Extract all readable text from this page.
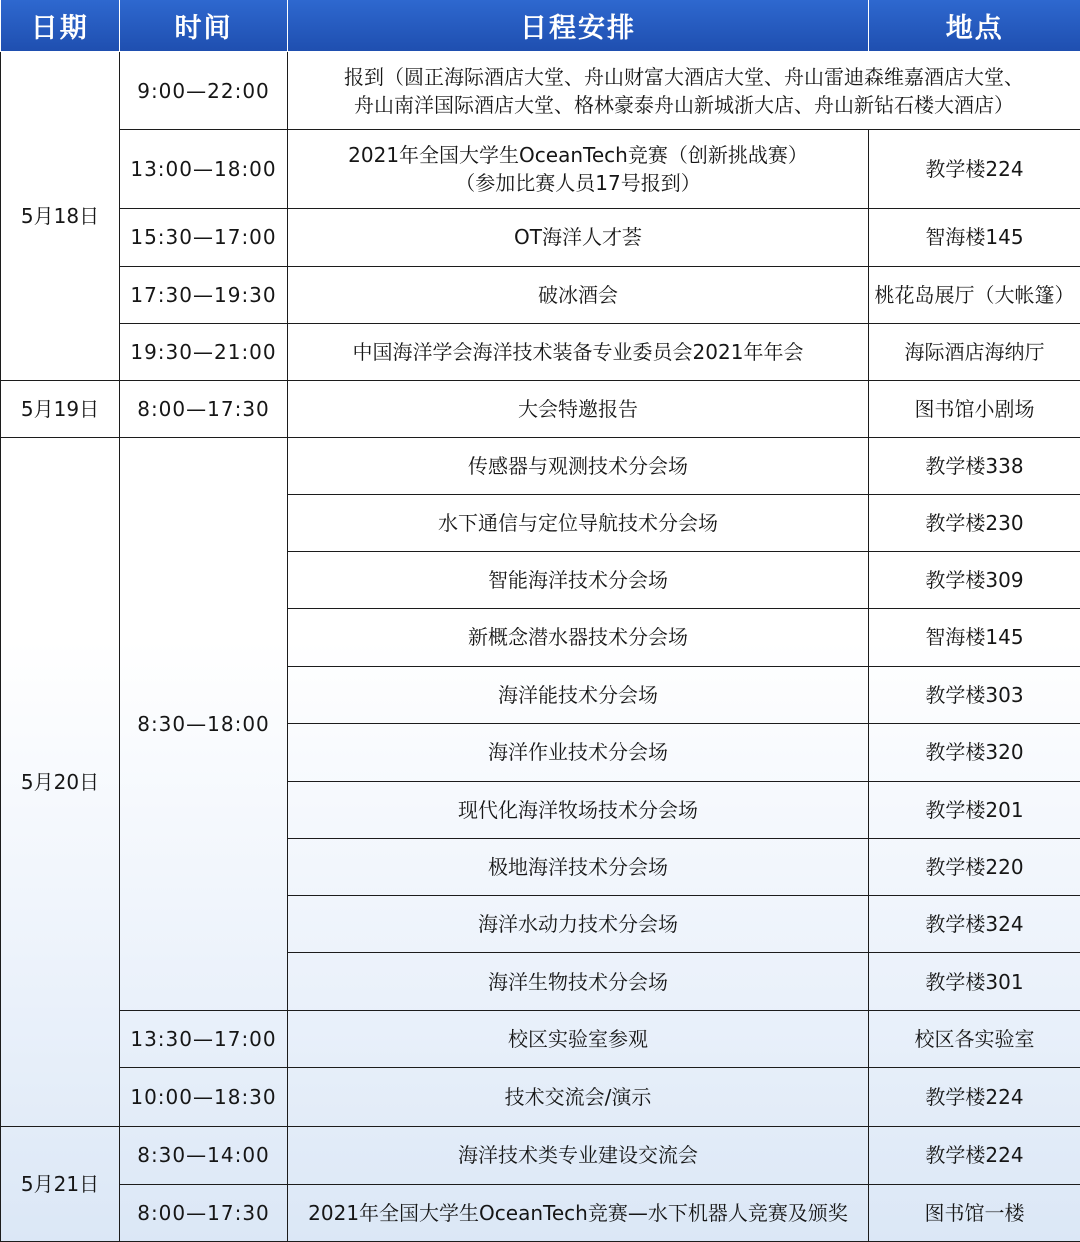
日期	时间	日程安排	地点
5月18日	9:00—22:00	报到（圆正海际酒店大堂、舟山财富大酒店大堂、舟山雷迪森维嘉酒店大堂、
舟山南洋国际酒店大堂、格林豪泰舟山新城浙大店、舟山新钻石楼大酒店）	

	13:00—18:00	2021年全国大学生OceanTech竞赛（创新挑战赛）
（参加比赛人员17号报到）	教学楼224
	15:30—17:00	OT海洋人才荟	智海楼145
	17:30—19:30	破冰酒会	桃花岛展厅（大帐篷）
	19:30—21:00	中国海洋学会海洋技术装备专业委员会2021年年会	海际酒店海纳厅
5月19日	8:00—17:30	大会特邀报告	图书馆小剧场
5月20日	8:30—18:00	传感器与观测技术分会场	教学楼338
		水下通信与定位导航技术分会场	教学楼230
		智能海洋技术分会场	教学楼309
		新概念潜水器技术分会场	智海楼145
		海洋能技术分会场	教学楼303
		海洋作业技术分会场	教学楼320
		现代化海洋牧场技术分会场	教学楼201
		极地海洋技术分会场	教学楼220
		海洋水动力技术分会场	教学楼324
		海洋生物技术分会场	教学楼301
	13:30—17:00	校区实验室参观	校区各实验室
	10:00—18:30	技术交流会/演示	教学楼224
5月21日	8:30—14:00	海洋技术类专业建设交流会	教学楼224
	8:00—17:30	2021年全国大学生OceanTech竞赛—水下机器人竞赛及颁奖	图书馆一楼
